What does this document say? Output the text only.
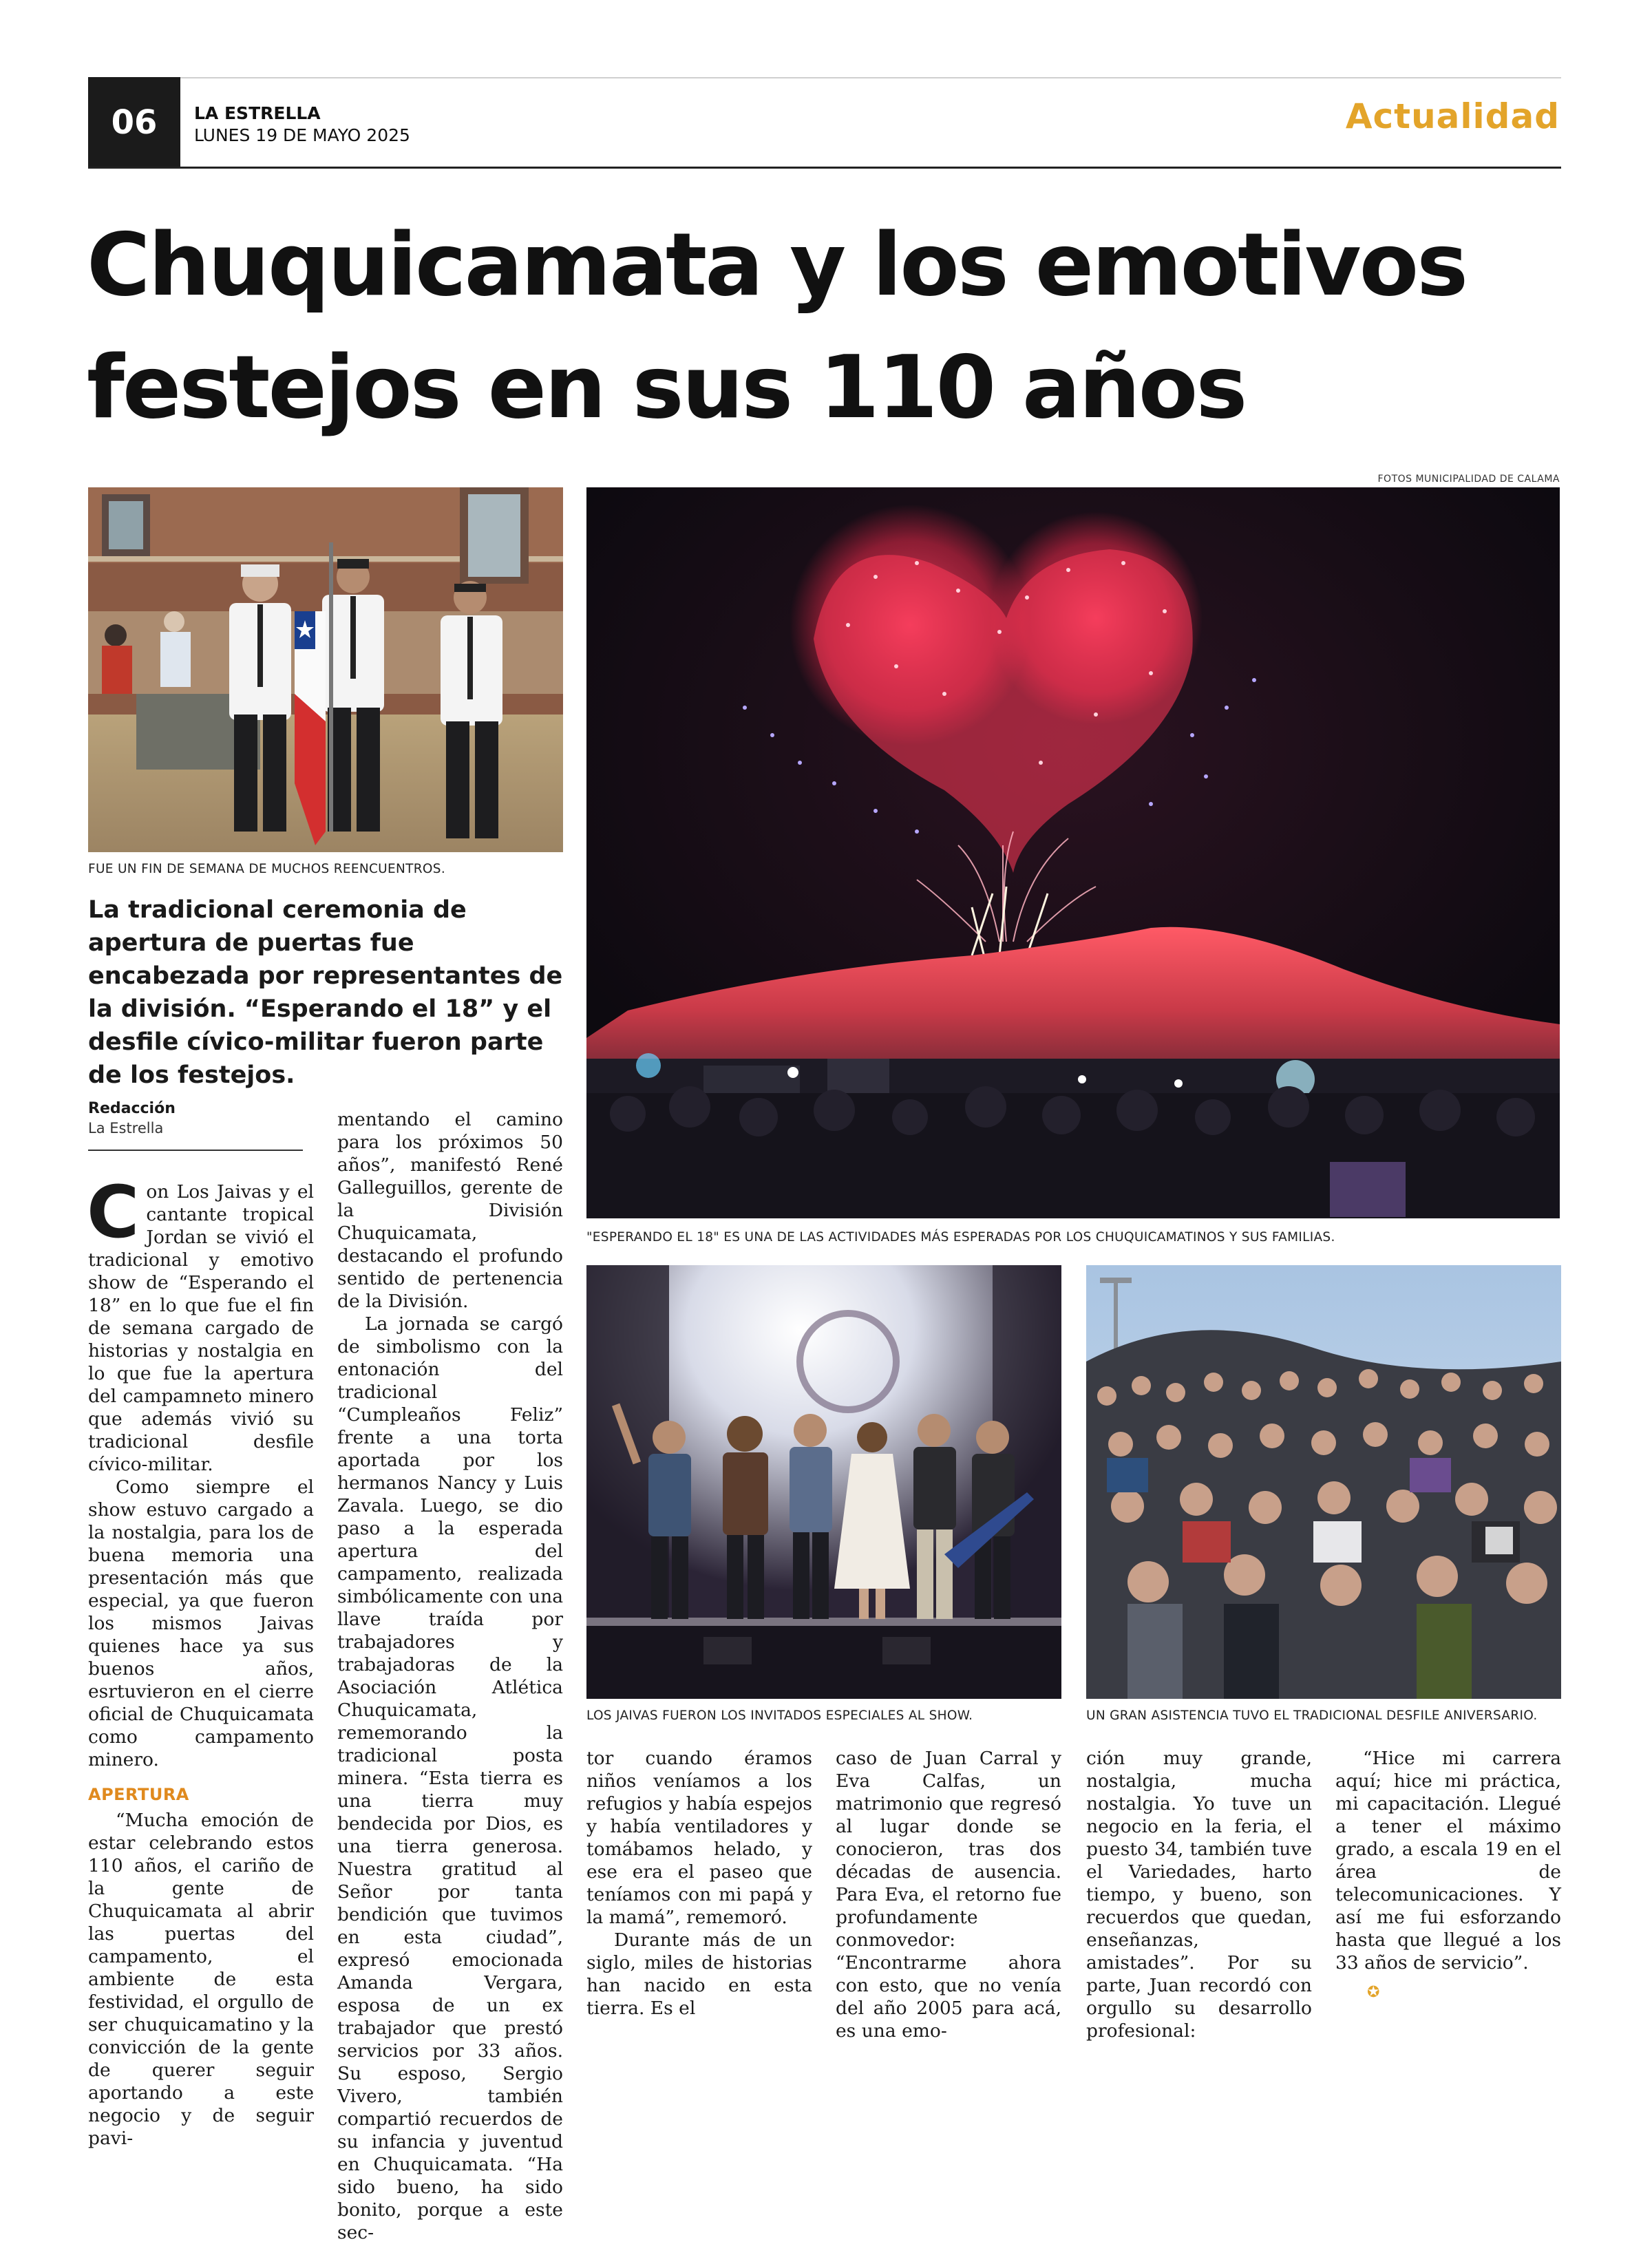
06	LA ESTRELLA
LUNES 19 DE MAYO 2025	Actualidad
Chuquicamata y los emotivos
festejos en sus 110 años
FOTOS MUNICIPALIDAD DE CALAMA
FUE UN FIN DE SEMANA DE MUCHOS REENCUENTROS.
"ESPERANDO EL 18" ES UNA DE LAS ACTIVIDADES MÁS ESPERADAS POR LOS CHUQUICAMATINOS Y SUS FAMILIAS.
LOS JAIVAS FUERON LOS INVITADOS ESPECIALES AL SHOW.	UN GRAN ASISTENCIA TUVO EL TRADICIONAL DESFILE ANIVERSARIO.
La tradicional ceremonia de apertura de puertas fue encabezada por representantes de la división. “Esperando el 18” y el desfile cívico-militar fueron parte de los festejos.
Redacción
La Estrella

Con Los Jaivas y el cantante tropical Jordan se vivió el tradicional y emotivo show de “Esperando el 18” en lo que fue el fin de semana cargado de historias y nostalgia en lo que fue la apertura del campamneto minero que además vivió su tradicional desfile cívico-militar.

Como siempre el show estuvo cargado a la nostalgia, para los de buena memoria una presentación más que especial, ya que fueron los mismos Jaivas quienes hace ya sus buenos años, esrtuvieron en el cierre oficial de Chuquicamata como campamento minero.

APERTURA

“Mucha emoción de estar celebrando estos 110 años, el cariño de la gente de Chuquicamata al abrir las puertas del campamento, el ambiente de esta festividad, el orgullo de ser chuquicamatino y la convicción de la gente de querer seguir aportando a este negocio y de seguir pavi-

mentando el camino para los próximos 50 años”, manifestó René Galleguillos, gerente de la División Chuquicamata, destacando el profundo sentido de pertenencia de la División.

La jornada se cargó de simbolismo con la entonación del tradicional “Cumpleaños Feliz” frente a una torta aportada por los hermanos Nancy y Luis Zavala. Luego, se dio paso a la esperada apertura del campamento, realizada simbólicamente con una llave traída por trabajadores y trabajadoras de la Asociación Atlética Chuquicamata, rememorando la tradicional posta minera. “Esta tierra es una tierra muy bendecida por Dios, es una tierra generosa. Nuestra gratitud al Señor por tanta bendición que tuvimos en esta ciudad”, expresó emocionada Amanda Vergara, esposa de un ex trabajador que prestó servicios por 33 años. Su esposo, Sergio Vivero, también compartió recuerdos de su infancia y juventud en Chuquicamata. “Ha sido bueno, ha sido bonito, porque a este sec-

tor cuando éramos niños veníamos a los refugios y había espejos y había ventiladores y tomábamos helado, y ese era el paseo que teníamos con mi papá y la mamá”, rememoró.

Durante más de un siglo, miles de historias han nacido en esta tierra. Es el

caso de Juan Carral y Eva Calfas, un matrimonio que regresó al lugar donde se conocieron, tras dos décadas de ausencia. Para Eva, el retorno fue profundamente conmovedor: “Encontrarme ahora con esto, que no venía del año 2005 para acá, es una emo-

ción muy grande, nostalgia, mucha nostalgia. Yo tuve un negocio en la feria, el puesto 34, también tuve el Variedades, harto tiempo, y bueno, son recuerdos que quedan, enseñanzas, amistades”. Por su parte, Juan recordó con orgullo su desarrollo profesional:

“Hice mi carrera aquí; hice mi práctica, mi capacitación. Llegué a tener el máximo grado, a escala 19 en el área de telecomunicaciones. Y así me fui esforzando hasta que llegué a los 33 años de servicio”.

✪
